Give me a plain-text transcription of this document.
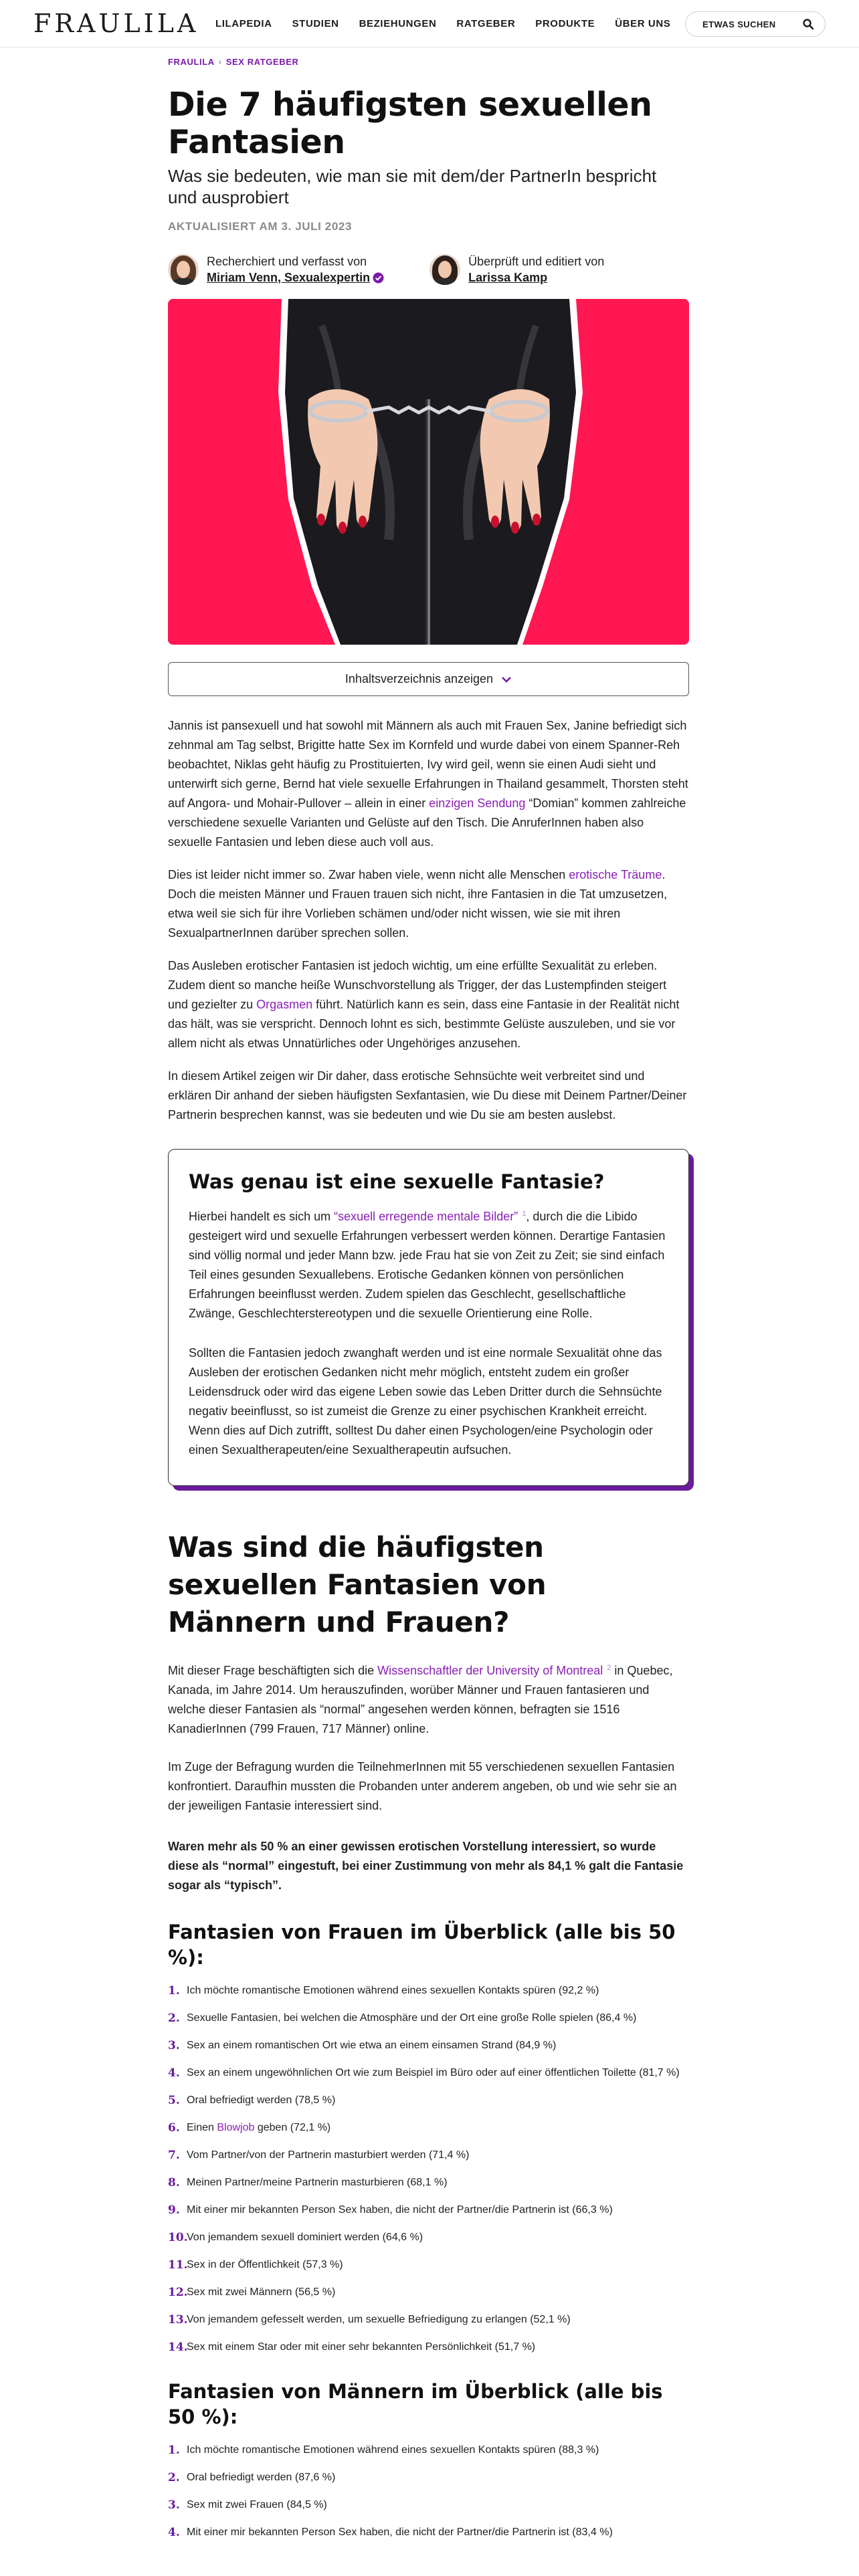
FRAULILA LILAPEDIA STUDIEN BEZIEHUNGEN RATGEBER PRODUKTE ÜBER UNS	ETWAS SUCHEN
FRAULILA › SEX RATGEBER
Die 7 häufigsten sexuellen Fantasien
Was sie bedeuten, wie man sie mit dem/der PartnerIn bespricht und ausprobiert
AKTUALISIERT AM 3. JULI 2023
Recherchiert und verfasst von
Miriam Venn, Sexualexpertin
Überprüft und editiert von
Larissa Kamp
Inhaltsverzeichnis anzeigen

Jannis ist pansexuell und hat sowohl mit Männern als auch mit Frauen Sex, Janine befriedigt sich zehnmal am Tag selbst, Brigitte hatte Sex im Kornfeld und wurde dabei von einem Spanner-Reh beobachtet, Niklas geht häufig zu Prostituierten, Ivy wird geil, wenn sie einen Audi sieht und unterwirft sich gerne, Bernd hat viele sexuelle Erfahrungen in Thailand gesammelt, Thorsten steht auf Angora- und Mohair-Pullover – allein in einer einzigen Sendung “Domian” kommen zahlreiche verschiedene sexuelle Varianten und Gelüste auf den Tisch. Die AnruferInnen haben also sexuelle Fantasien und leben diese auch voll aus.

Dies ist leider nicht immer so. Zwar haben viele, wenn nicht alle Menschen erotische Träume. Doch die meisten Männer und Frauen trauen sich nicht, ihre Fantasien in die Tat umzusetzen, etwa weil sie sich für ihre Vorlieben schämen und/oder nicht wissen, wie sie mit ihren SexualpartnerInnen darüber sprechen sollen.

Das Ausleben erotischer Fantasien ist jedoch wichtig, um eine erfüllte Sexualität zu erleben. Zudem dient so manche heiße Wunschvorstellung als Trigger, der das Lustempfinden steigert und gezielter zu Orgasmen führt. Natürlich kann es sein, dass eine Fantasie in der Realität nicht das hält, was sie verspricht. Dennoch lohnt es sich, bestimmte Gelüste auszuleben, und sie vor allem nicht als etwas Unnatürliches oder Ungehöriges anzusehen.

In diesem Artikel zeigen wir Dir daher, dass erotische Sehnsüchte weit verbreitet sind und erklären Dir anhand der sieben häufigsten Sexfantasien, wie Du diese mit Deinem Partner/Deiner Partnerin besprechen kannst, was sie bedeuten und wie Du sie am besten auslebst.

Was genau ist eine sexuelle Fantasie?

Hierbei handelt es sich um “sexuell erregende mentale Bilder” $^1$, durch die die Libido gesteigert wird und sexuelle Erfahrungen verbessert werden können. Derartige Fantasien sind völlig normal und jeder Mann bzw. jede Frau hat sie von Zeit zu Zeit; sie sind einfach Teil eines gesunden Sexuallebens. Erotische Gedanken können von persönlichen Erfahrungen beeinflusst werden. Zudem spielen das Geschlecht, gesellschaftliche Zwänge, Geschlechterstereotypen und die sexuelle Orientierung eine Rolle.

Sollten die Fantasien jedoch zwanghaft werden und ist eine normale Sexualität ohne das Ausleben der erotischen Gedanken nicht mehr möglich, entsteht zudem ein großer Leidensdruck oder wird das eigene Leben sowie das Leben Dritter durch die Sehnsüchte negativ beeinflusst, so ist zumeist die Grenze zu einer psychischen Krankheit erreicht. Wenn dies auf Dich zutrifft, solltest Du daher einen Psychologen/eine Psychologin oder einen Sexualtherapeuten/eine Sexualtherapeutin aufsuchen.

Was sind die häufigsten sexuellen Fantasien von Männern und Frauen?

Mit dieser Frage beschäftigten sich die Wissenschaftler der University of Montreal $^2$ in Quebec, Kanada, im Jahre 2014. Um herauszufinden, worüber Männer und Frauen fantasieren und welche dieser Fantasien als “normal” angesehen werden können, befragten sie 1516 KanadierInnen (799 Frauen, 717 Männer) online.

Im Zuge der Befragung wurden die TeilnehmerInnen mit 55 verschiedenen sexuellen Fantasien konfrontiert. Daraufhin mussten die Probanden unter anderem angeben, ob und wie sehr sie an der jeweiligen Fantasie interessiert sind.

Waren mehr als 50 % an einer gewissen erotischen Vorstellung interessiert, so wurde diese als “normal” eingestuft, bei einer Zustimmung von mehr als 84,1 % galt die Fantasie sogar als “typisch”.

Fantasien von Frauen im Überblick (alle bis 50 %):
1. Ich möchte romantische Emotionen während eines sexuellen Kontakts spüren (92,2 %)
2. Sexuelle Fantasien, bei welchen die Atmosphäre und der Ort eine große Rolle spielen (86,4 %)
3. Sex an einem romantischen Ort wie etwa an einem einsamen Strand (84,9 %)
4. Sex an einem ungewöhnlichen Ort wie zum Beispiel im Büro oder auf einer öffentlichen Toilette (81,7 %)
5. Oral befriedigt werden (78,5 %)
6. Einen Blowjob geben (72,1 %)
7. Vom Partner/von der Partnerin masturbiert werden (71,4 %)
8. Meinen Partner/meine Partnerin masturbieren (68,1 %)
9. Mit einer mir bekannten Person Sex haben, die nicht der Partner/die Partnerin ist (66,3 %)
10.
Von jemandem sexuell dominiert werden (64,6 %)
11.
Sex in der Öffentlichkeit (57,3 %)
12.
Sex mit zwei Männern (56,5 %)
13.
Von jemandem gefesselt werden, um sexuelle Befriedigung zu erlangen (52,1 %)
14.
Sex mit einem Star oder mit einer sehr bekannten Persönlichkeit (51,7 %)
Fantasien von Männern im Überblick (alle bis 50 %):
1. Ich möchte romantische Emotionen während eines sexuellen Kontakts spüren (88,3 %)
2. Oral befriedigt werden (87,6 %)
3. Sex mit zwei Frauen (84,5 %)
4. Mit einer mir bekannten Person Sex haben, die nicht der Partner/die Partnerin ist (83,4 %)
